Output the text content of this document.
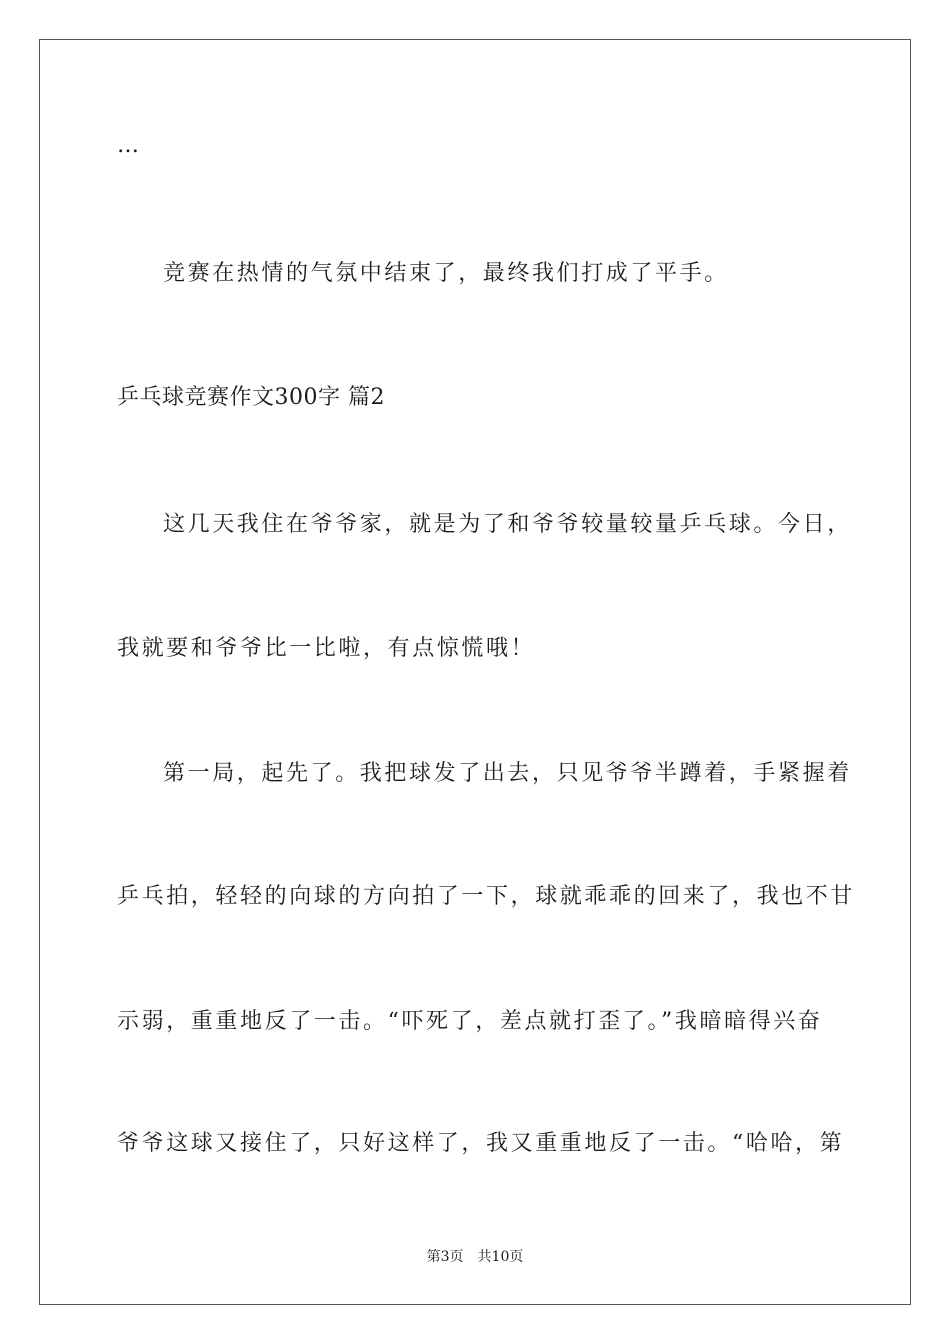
…
竞赛在热情的气氛中结束了，最终我们打成了平手。
乒乓球竞赛作文300字 篇2
这几天我住在爷爷家，就是为了和爷爷较量较量乒乓球。今日，
我就要和爷爷比一比啦，有点惊慌哦！
第一局，起先了。我把球发了出去，只见爷爷半蹲着，手紧握着
乒乓拍，轻轻的向球的方向拍了一下，球就乖乖的回来了，我也不甘
示弱，重重地反了一击。“吓死了，差点就打歪了。”我暗暗得兴奋
爷爷这球又接住了，只好这样了，我又重重地反了一击。“哈哈，第
第3页 共10页
